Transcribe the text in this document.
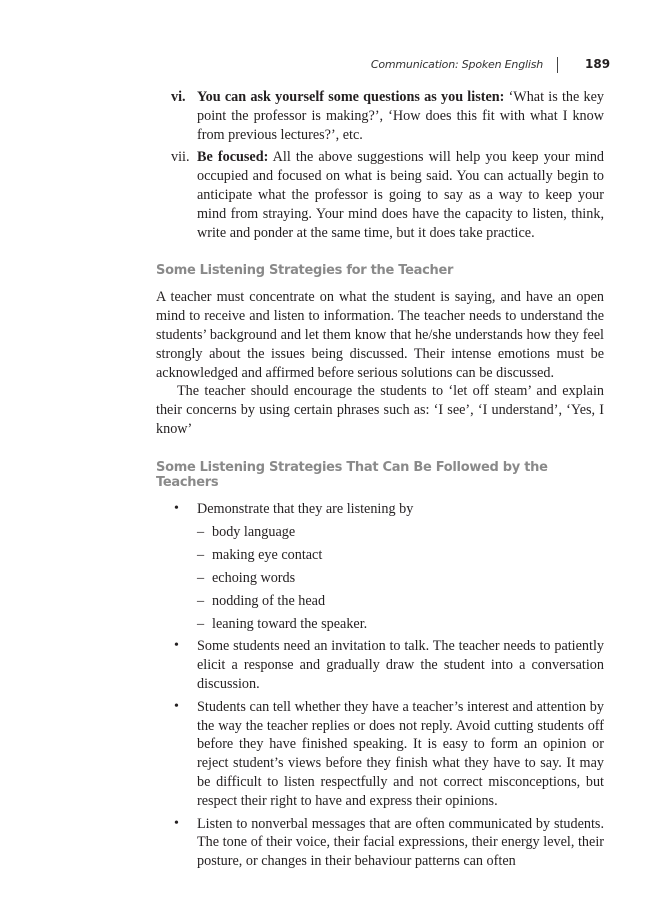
Communication: Spoken English	189

vi. You can ask yourself some questions as you listen: ‘What is the key point the professor is making?’, ‘How does this fit with what I know from previous lectures?’, etc.

vii. Be focused: All the above suggestions will help you keep your mind occupied and focused on what is being said. You can actually begin to anticipate what the professor is going to say as a way to keep your mind from straying. Your mind does have the capacity to listen, think, write and ponder at the same time, but it does take practice.

Some Listening Strategies for the Teacher

A teacher must concentrate on what the student is saying, and have an open mind to receive and listen to information. The teacher needs to understand the students’ background and let them know that he/she understands how they feel strongly about the issues being discussed. Their intense emotions must be acknowledged and affirmed before serious solutions can be discussed.

The teacher should encourage the students to ‘let off steam’ and explain their concerns by using certain phrases such as: ‘I see’, ‘I understand’, ‘Yes, I know’

Some Listening Strategies That Can Be Followed by the Teachers
• Demonstrate that they are listening by

– body language
– making eye contact
– echoing words
– nodding of the head
– leaning toward the speaker.
• Some students need an invitation to talk. The teacher needs to patiently elicit a response and gradually draw the student into a conversation discussion.

• Students can tell whether they have a teacher’s interest and attention by the way the teacher replies or does not reply. Avoid cutting students off before they have finished speaking. It is easy to form an opinion or reject student’s views before they finish what they have to say. It may be difficult to listen respectfully and not correct misconceptions, but respect their right to have and express their opinions.

• Listen to nonverbal messages that are often communicated by students. The tone of their voice, their facial expressions, their energy level, their posture, or changes in their behaviour patterns can often
